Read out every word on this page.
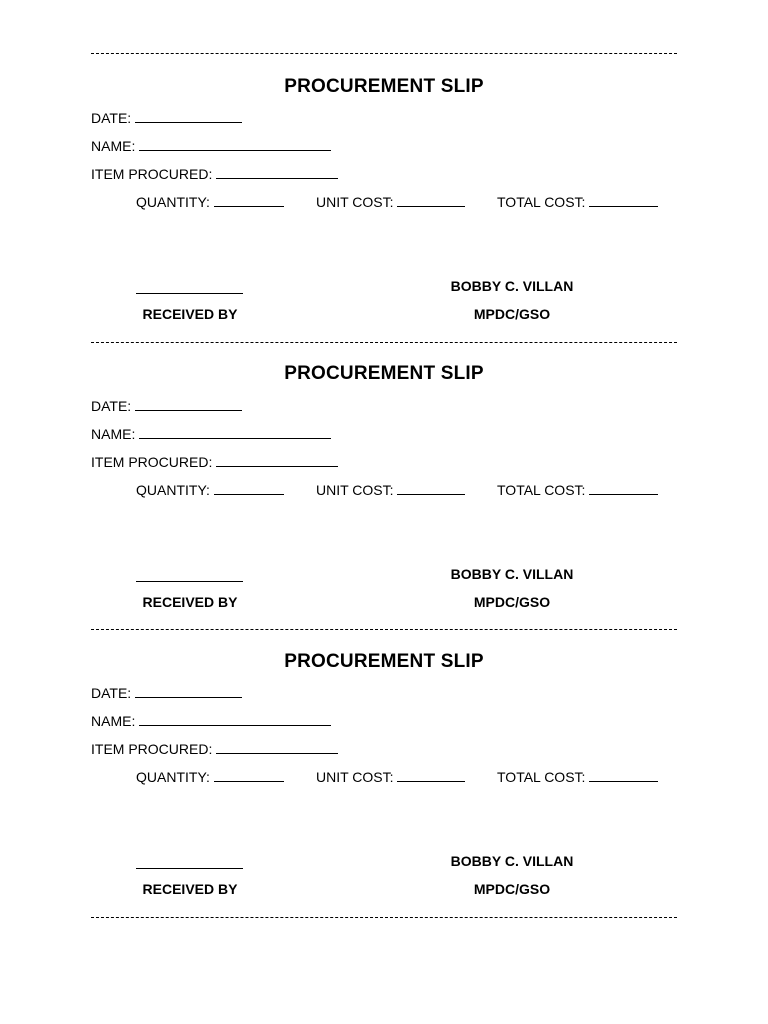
PROCUREMENT SLIP
DATE:
NAME:
ITEM PROCURED:
QUANTITY:	UNIT COST:	TOTAL COST:
BOBBY C. VILLAN
RECEIVED BY	MPDC/GSO
PROCUREMENT SLIP
DATE:
NAME:
ITEM PROCURED:
QUANTITY:	UNIT COST:	TOTAL COST:
BOBBY C. VILLAN
RECEIVED BY	MPDC/GSO
PROCUREMENT SLIP
DATE:
NAME:
ITEM PROCURED:
QUANTITY:	UNIT COST:	TOTAL COST:
BOBBY C. VILLAN
RECEIVED BY	MPDC/GSO
